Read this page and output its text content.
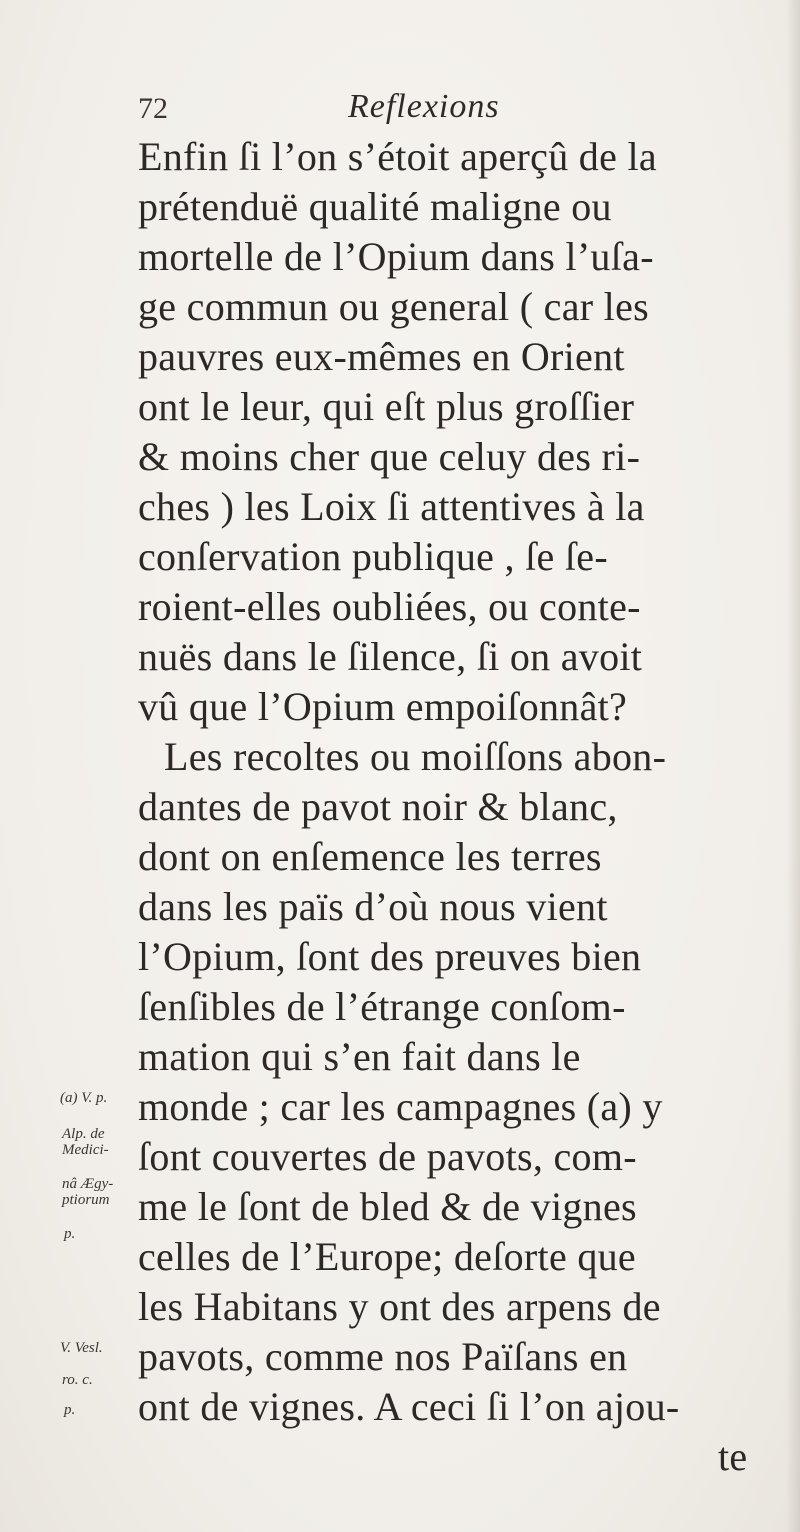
72	Reflexions
Enfin ſi l’on s’étoit aperçû de la
prétenduë qualité maligne ou
mortelle de l’Opium dans l’uſa-
ge commun ou general ( car les
pauvres eux-mêmes en Orient
ont le leur, qui eſt plus groſſier
& moins cher que celuy des ri-
ches ) les Loix ſi attentives à la
conſervation publique , ſe ſe-
roient-elles oubliées, ou conte-
nuës dans le ſilence, ſi on avoit
vû que l’Opium empoiſonnât?
Les recoltes ou moiſſons abon-
dantes de pavot noir & blanc,
dont on enſemence les terres
dans les païs d’où nous vient
l’Opium, ſont des preuves bien
ſenſibles de l’étrange conſom-
mation qui s’en fait dans le
monde ; car les campagnes (a) y
ſont couvertes de pavots, com-
me le ſont de bled & de vignes
celles de l’Europe; deſorte que
les Habitans y ont des arpens de
pavots, comme nos Païſans en
ont de vignes. A ceci ſi l’on ajou-
te
(a) V. p.
Alp. de
Medici-
nâ Ægy-
ptiorum
p.
V. Vesl.
ro. c.
p.
